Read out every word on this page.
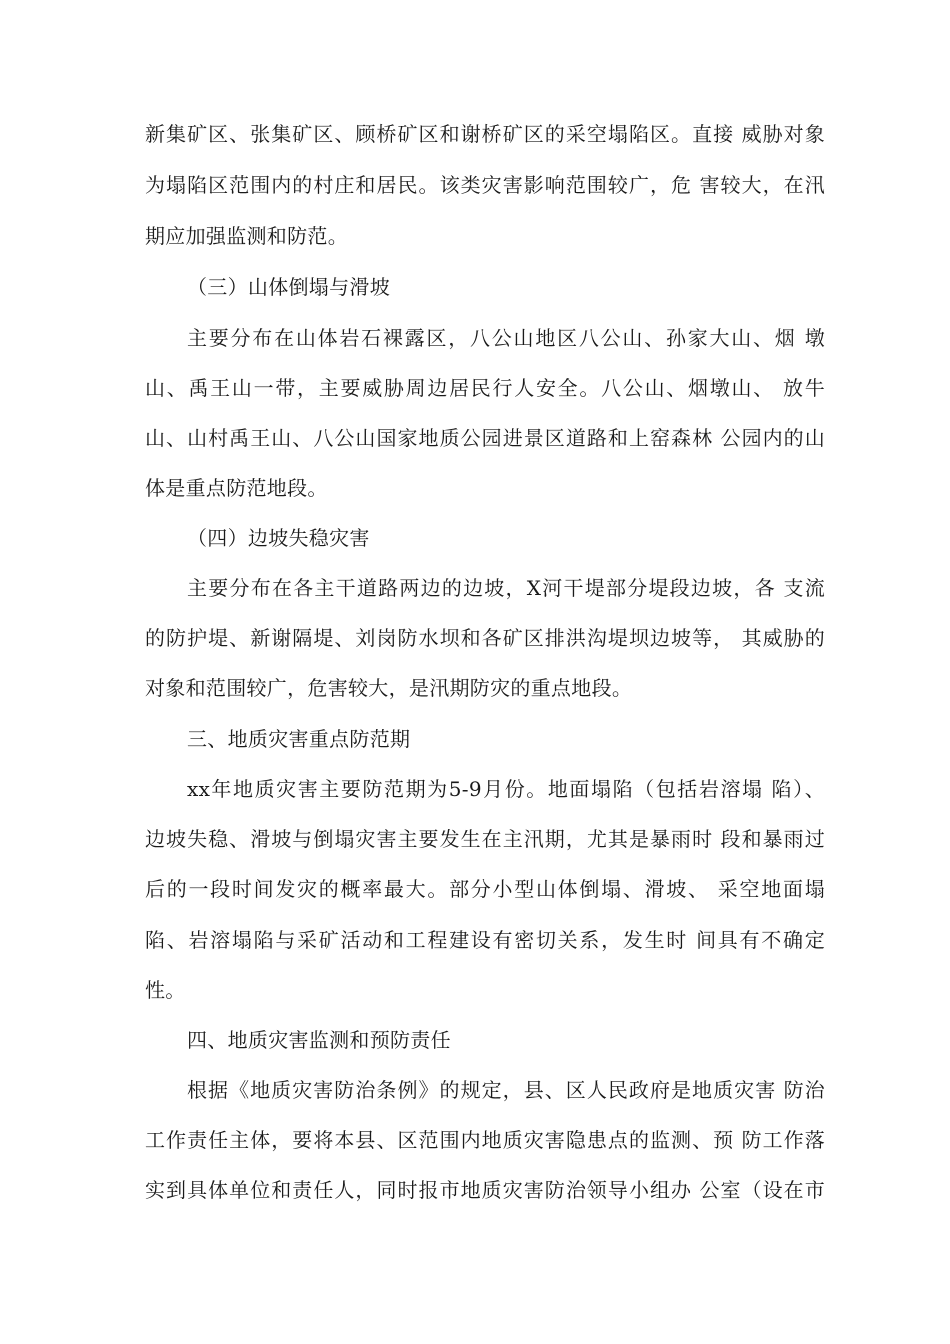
新集矿区、张集矿区、顾桥矿区和谢桥矿区的采空塌陷区。直接 威胁对象
为塌陷区范围内的村庄和居民。该类灾害影响范围较广，危 害较大，在汛
期应加强监测和防范。
（三）山体倒塌与滑坡
主要分布在山体岩石裸露区，八公山地区八公山、孙家大山、烟 墩
山、禹王山一带，主要威胁周边居民行人安全。八公山、烟墩山、 放牛
山、山村禹王山、八公山国家地质公园进景区道路和上窑森林 公园内的山
体是重点防范地段。
（四）边坡失稳灾害
主要分布在各主干道路两边的边坡，X河干堤部分堤段边坡，各 支流
的防护堤、新谢隔堤、刘岗防水坝和各矿区排洪沟堤坝边坡等， 其威胁的
对象和范围较广，危害较大，是汛期防灾的重点地段。
三、地质灾害重点防范期
xx年地质灾害主要防范期为5-9月份。地面塌陷（包括岩溶塌 陷）、
边坡失稳、滑坡与倒塌灾害主要发生在主汛期，尤其是暴雨时 段和暴雨过
后的一段时间发灾的概率最大。部分小型山体倒塌、滑坡、 采空地面塌
陷、岩溶塌陷与采矿活动和工程建设有密切关系，发生时 间具有不确定
性。
四、地质灾害监测和预防责任
根据《地质灾害防治条例》的规定，县、区人民政府是地质灾害 防治
工作责任主体，要将本县、区范围内地质灾害隐患点的监测、预 防工作落
实到具体单位和责任人，同时报市地质灾害防治领导小组办 公室（设在市
